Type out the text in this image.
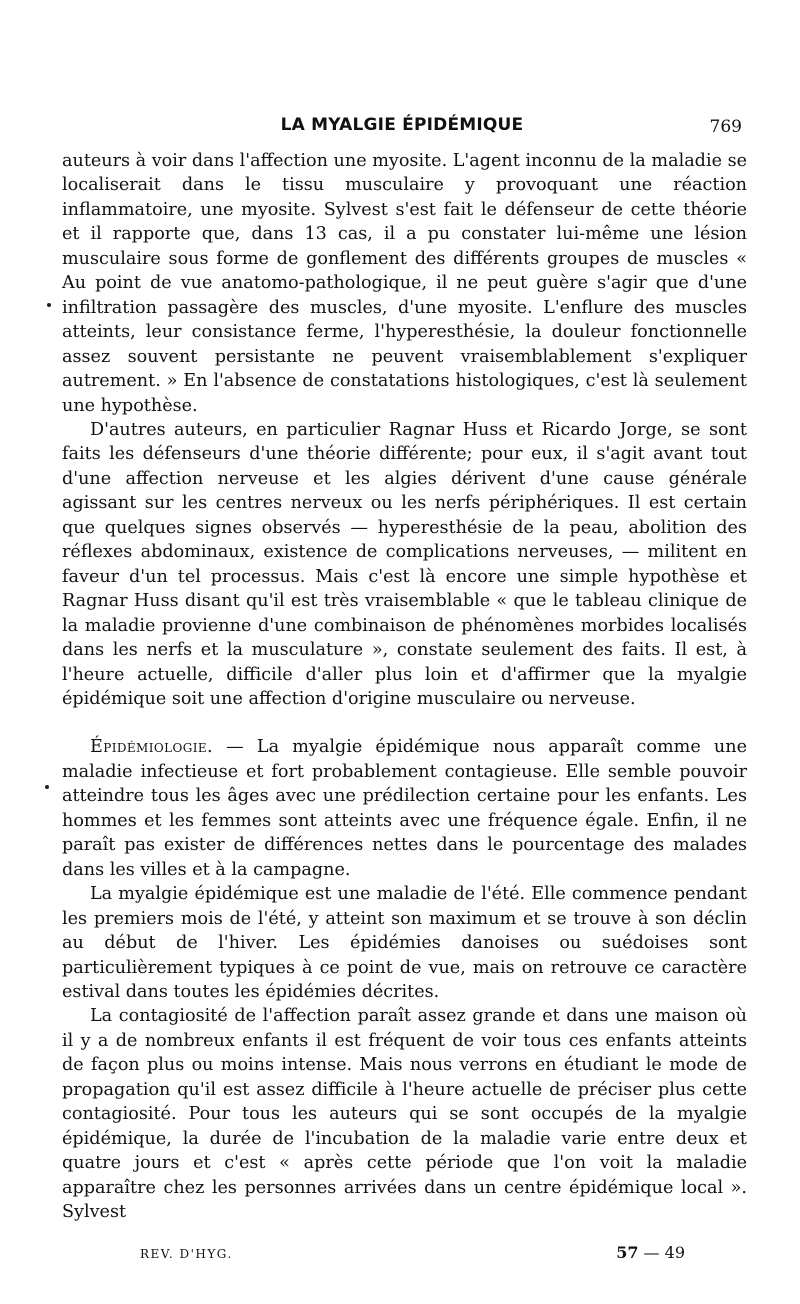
LA MYALGIE ÉPIDÉMIQUE	769

auteurs à voir dans l'affection une myosite. L'agent inconnu de la maladie se localiserait dans le tissu musculaire y provoquant une réaction inflammatoire, une myosite. Sylvest s'est fait le défenseur de cette théorie et il rapporte que, dans 13 cas, il a pu constater lui-même une lésion musculaire sous forme de gonflement des différents groupes de muscles « Au point de vue anatomo-pathologique, il ne peut guère s'agir que d'une infiltration passagère des muscles, d'une myosite. L'enflure des muscles atteints, leur consistance ferme, l'hyperesthésie, la douleur fonctionnelle assez souvent persistante ne peuvent vraisemblablement s'expliquer autrement. » En l'absence de constatations histologiques, c'est là seulement une hypothèse.

D'autres auteurs, en particulier Ragnar Huss et Ricardo Jorge, se sont faits les défenseurs d'une théorie différente; pour eux, il s'agit avant tout d'une affection nerveuse et les algies dérivent d'une cause générale agissant sur les centres nerveux ou les nerfs périphériques. Il est certain que quelques signes observés — hyperesthésie de la peau, abolition des réflexes abdominaux, existence de complications nerveuses, — militent en faveur d'un tel processus. Mais c'est là encore une simple hypothèse et Ragnar Huss disant qu'il est très vraisemblable « que le tableau clinique de la maladie provienne d'une combinaison de phénomènes morbides localisés dans les nerfs et la musculature », constate seulement des faits. Il est, à l'heure actuelle, difficile d'aller plus loin et d'affirmer que la myalgie épidémique soit une affection d'origine musculaire ou nerveuse.

Épidémiologie. — La myalgie épidémique nous apparaît comme une maladie infectieuse et fort probablement contagieuse. Elle semble pouvoir atteindre tous les âges avec une prédilection certaine pour les enfants. Les hommes et les femmes sont atteints avec une fréquence égale. Enfin, il ne paraît pas exister de différences nettes dans le pourcentage des malades dans les villes et à la campagne.

La myalgie épidémique est une maladie de l'été. Elle commence pendant les premiers mois de l'été, y atteint son maximum et se trouve à son déclin au début de l'hiver. Les épidémies danoises ou suédoises sont particulièrement typiques à ce point de vue, mais on retrouve ce caractère estival dans toutes les épidémies décrites.

La contagiosité de l'affection paraît assez grande et dans une maison où il y a de nombreux enfants il est fréquent de voir tous ces enfants atteints de façon plus ou moins intense. Mais nous verrons en étudiant le mode de propagation qu'il est assez difficile à l'heure actuelle de préciser plus cette contagiosité. Pour tous les auteurs qui se sont occupés de la myalgie épidémique, la durée de l'incubation de la maladie varie entre deux et quatre jours et c'est « après cette période que l'on voit la maladie apparaître chez les personnes arrivées dans un centre épidémique local ». Sylvest

REV. D'HYG.	57 — 49
